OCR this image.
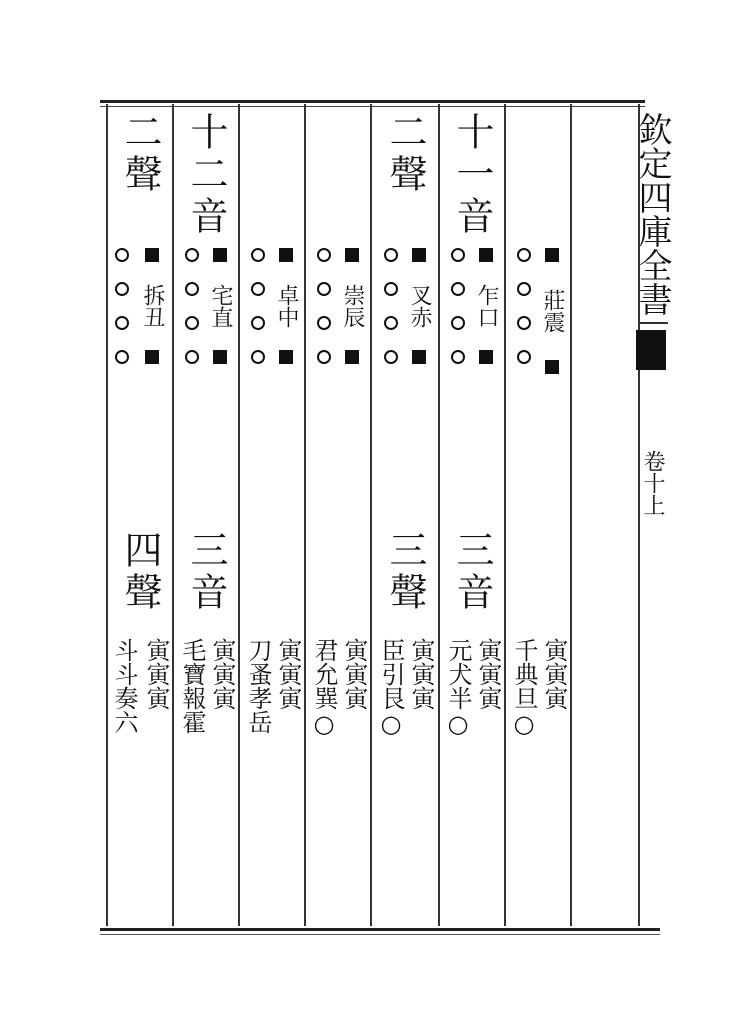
欽定四庫全書
卷十上
莊震
寅寅寅
千典旦○
十一音
乍口
三音
寅寅寅
元犬半○
二聲
叉赤
三聲
寅寅寅
臣引艮○
崇辰
寅寅寅
君允巽○
卓中
寅寅寅
刀蚤孝岳
十二音
宅直
三音
寅寅寅
毛寶報霍
二聲
拆丑
四聲
寅寅寅
斗斗奏六
